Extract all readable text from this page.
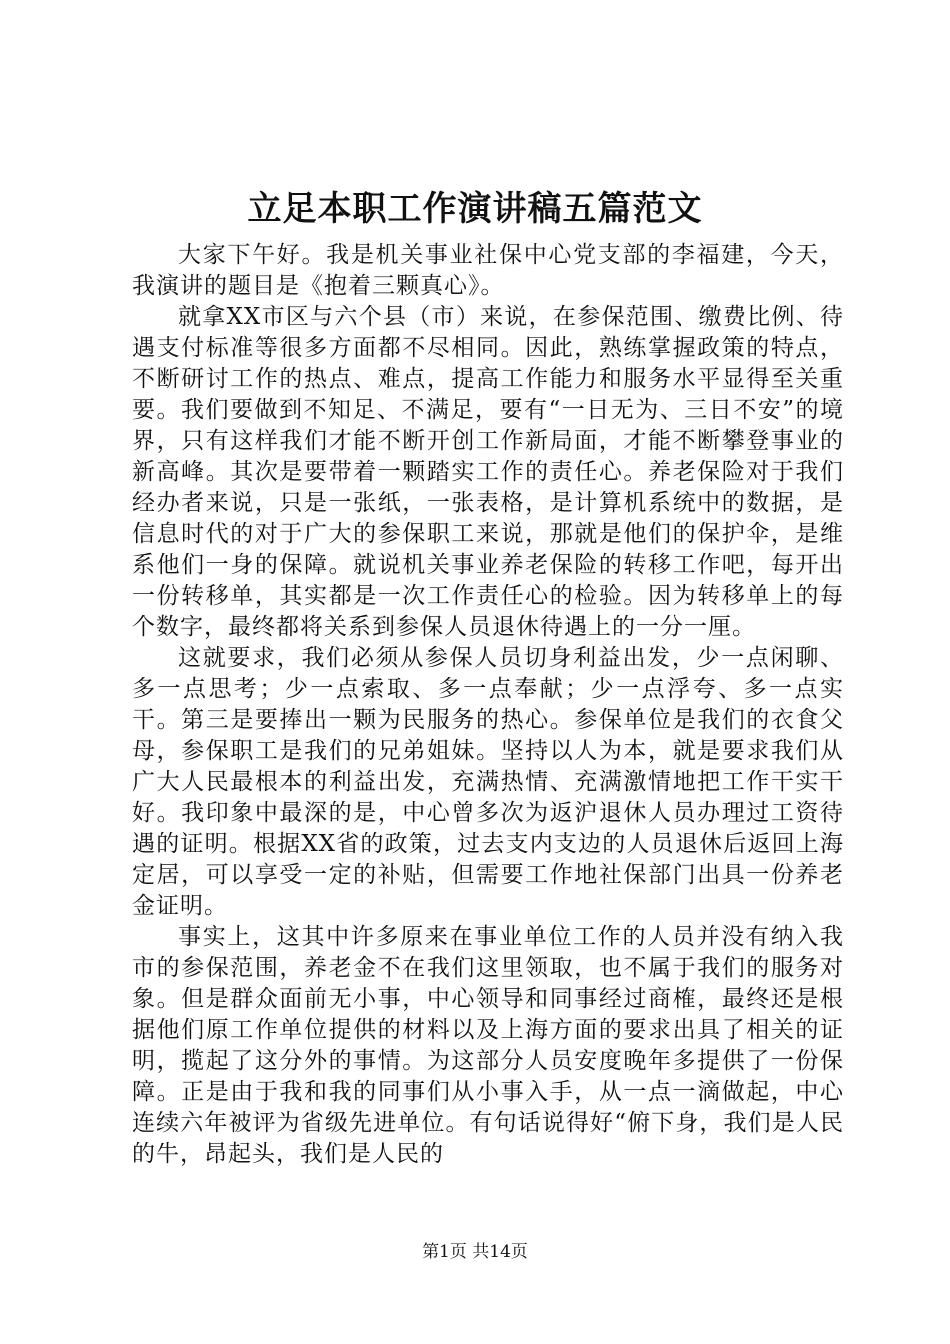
立足本职工作演讲稿五篇范文

大家下午好。我是机关事业社保中心党支部的李福建，今天，我演讲的题目是《抱着三颗真心》。

就拿XX市区与六个县（市）来说，在参保范围、缴费比例、待遇支付标准等很多方面都不尽相同。因此，熟练掌握政策的特点，不断研讨工作的热点、难点，提高工作能力和服务水平显得至关重要。我们要做到不知足、不满足，要有“一日无为、三日不安”的境界，只有这样我们才能不断开创工作新局面，才能不断攀登事业的新高峰。其次是要带着一颗踏实工作的责任心。养老保险对于我们经办者来说，只是一张纸，一张表格，是计算机系统中的数据，是信息时代的对于广大的参保职工来说，那就是他们的保护伞，是维系他们一身的保障。就说机关事业养老保险的转移工作吧，每开出一份转移单，其实都是一次工作责任心的检验。因为转移单上的每个数字，最终都将关系到参保人员退休待遇上的一分一厘。

这就要求，我们必须从参保人员切身利益出发，少一点闲聊、多一点思考；少一点索取、多一点奉献；少一点浮夸、多一点实干。第三是要捧出一颗为民服务的热心。参保单位是我们的衣食父母，参保职工是我们的兄弟姐妹。坚持以人为本，就是要求我们从广大人民最根本的利益出发，充满热情、充满激情地把工作干实干好。我印象中最深的是，中心曾多次为返沪退休人员办理过工资待遇的证明。根据XX省的政策，过去支内支边的人员退休后返回上海定居，可以享受一定的补贴，但需要工作地社保部门出具一份养老金证明。

事实上，这其中许多原来在事业单位工作的人员并没有纳入我市的参保范围，养老金不在我们这里领取，也不属于我们的服务对象。但是群众面前无小事，中心领导和同事经过商榷，最终还是根据他们原工作单位提供的材料以及上海方面的要求出具了相关的证明，揽起了这分外的事情。为这部分人员安度晚年多提供了一份保障。正是由于我和我的同事们从小事入手，从一点一滴做起，中心连续六年被评为省级先进单位。有句话说得好“俯下身，我们是人民的牛，昂起头，我们是人民的

第1页 共14页
